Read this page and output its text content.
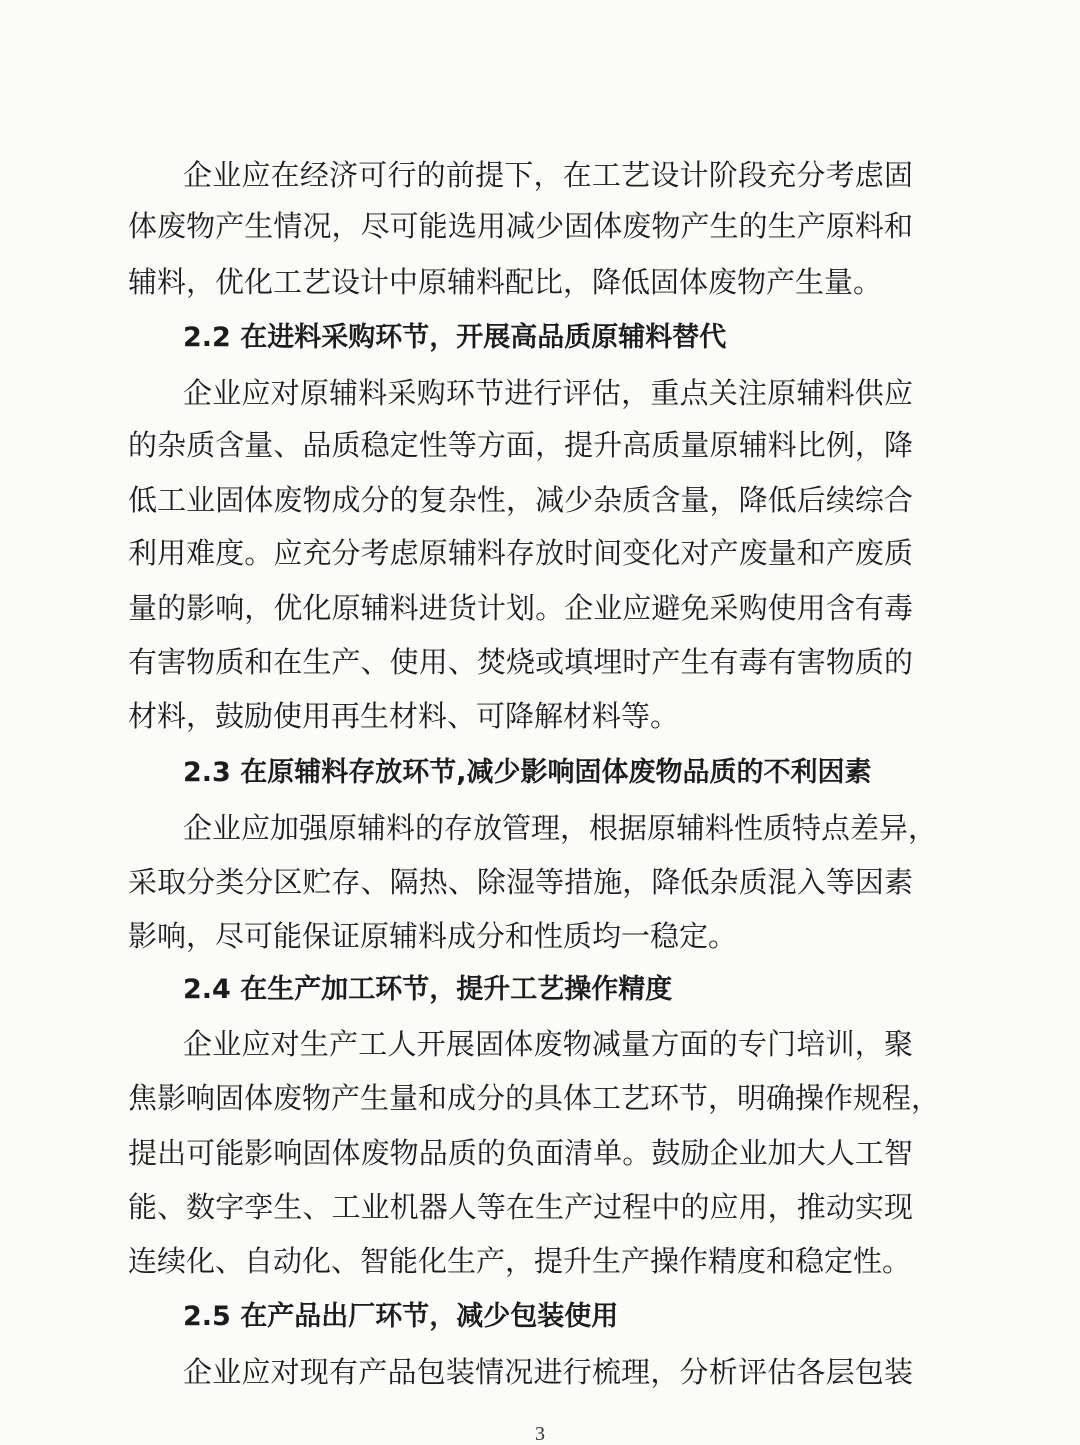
企业应在经济可行的前提下，在工艺设计阶段充分考虑固
体废物产生情况，尽可能选用减少固体废物产生的生产原料和
辅料，优化工艺设计中原辅料配比，降低固体废物产生量。
2.2 在进料采购环节，开展高品质原辅料替代
企业应对原辅料采购环节进行评估，重点关注原辅料供应
的杂质含量、品质稳定性等方面，提升高质量原辅料比例，降
低工业固体废物成分的复杂性，减少杂质含量，降低后续综合
利用难度。应充分考虑原辅料存放时间变化对产废量和产废质
量的影响，优化原辅料进货计划。企业应避免采购使用含有毒
有害物质和在生产、使用、焚烧或填埋时产生有毒有害物质的
材料，鼓励使用再生材料、可降解材料等。
2.3 在原辅料存放环节,减少影响固体废物品质的不利因素
企业应加强原辅料的存放管理，根据原辅料性质特点差异，
采取分类分区贮存、隔热、除湿等措施，降低杂质混入等因素
影响，尽可能保证原辅料成分和性质均一稳定。
2.4 在生产加工环节，提升工艺操作精度
企业应对生产工人开展固体废物减量方面的专门培训，聚
焦影响固体废物产生量和成分的具体工艺环节，明确操作规程，
提出可能影响固体废物品质的负面清单。鼓励企业加大人工智
能、数字孪生、工业机器人等在生产过程中的应用，推动实现
连续化、自动化、智能化生产，提升生产操作精度和稳定性。
2.5 在产品出厂环节，减少包装使用
企业应对现有产品包装情况进行梳理，分析评估各层包装
3
